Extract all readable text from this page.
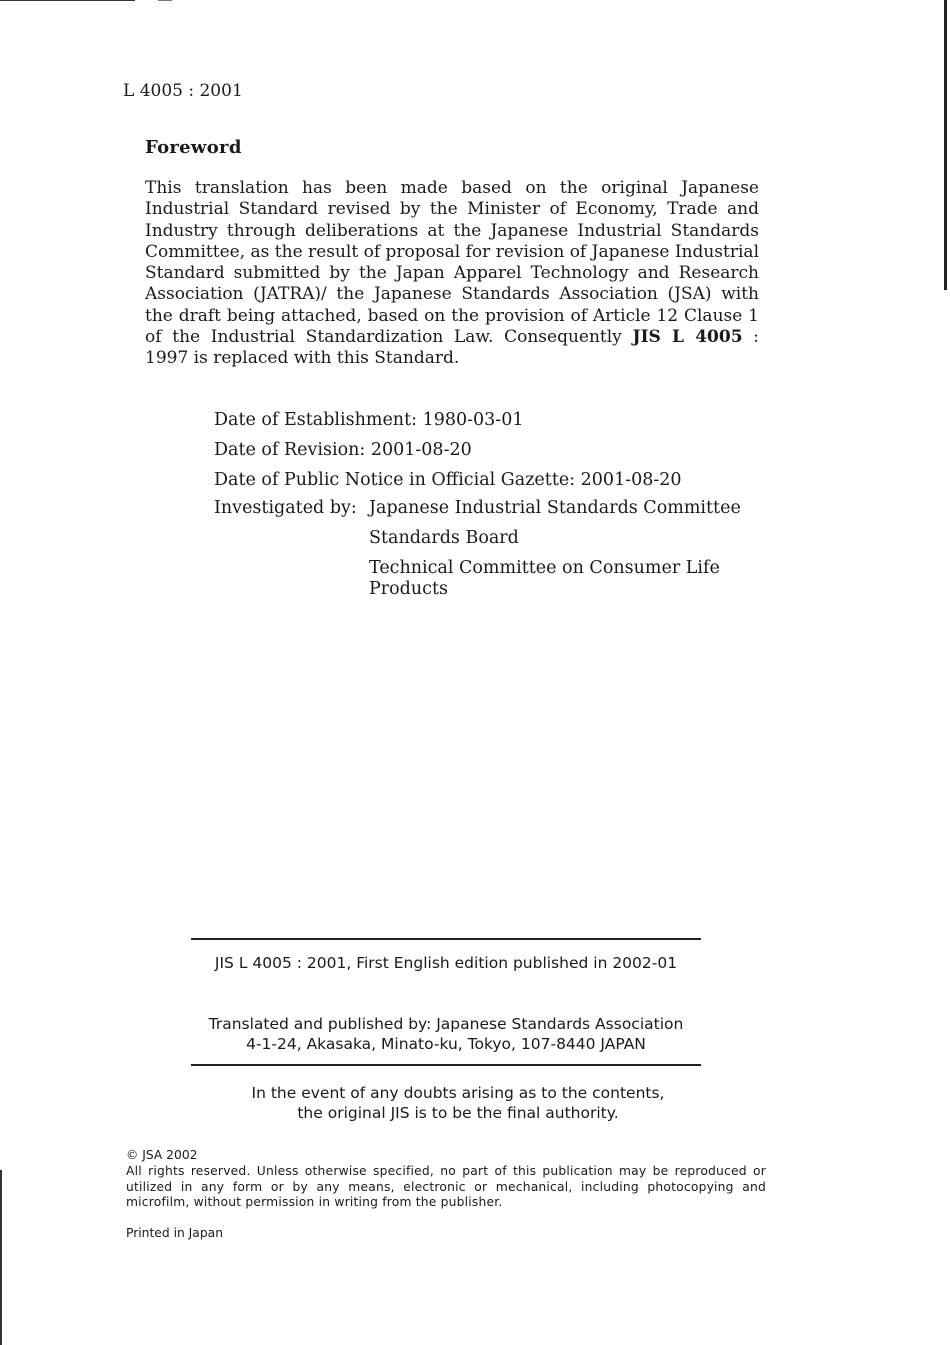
L 4005 : 2001
Foreword
This translation has been made based on the original Japanese Industrial Standard revised by the Minister of Economy, Trade and Industry through deliberations at the Japanese Industrial Standards Committee, as the result of proposal for revision of Japanese Industrial Standard submitted by the Japan Apparel Technology and Research Association (JATRA)/ the Japanese Standards Association (JSA) with the draft being attached, based on the provision of Article 12 Clause 1 of the Industrial Standardization Law. Consequently JIS L 4005 : 1997 is replaced with this Standard.
Date of Establishment: 1980-03-01
Date of Revision: 2001-08-20
Date of Public Notice in Official Gazette: 2001-08-20
Investigated by: Japanese Industrial Standards Committee
Standards Board
Technical Committee on Consumer Life Products
JIS L 4005 : 2001, First English edition published in 2002-01
Translated and published by: Japanese Standards Association
4-1-24, Akasaka, Minato-ku, Tokyo, 107-8440 JAPAN
In the event of any doubts arising as to the contents,
the original JIS is to be the final authority.
© JSA 2002
All rights reserved. Unless otherwise specified, no part of this publication may be reproduced or utilized in any form or by any means, electronic or mechanical, including photocopying and microfilm, without permission in writing from the publisher.
Printed in Japan
